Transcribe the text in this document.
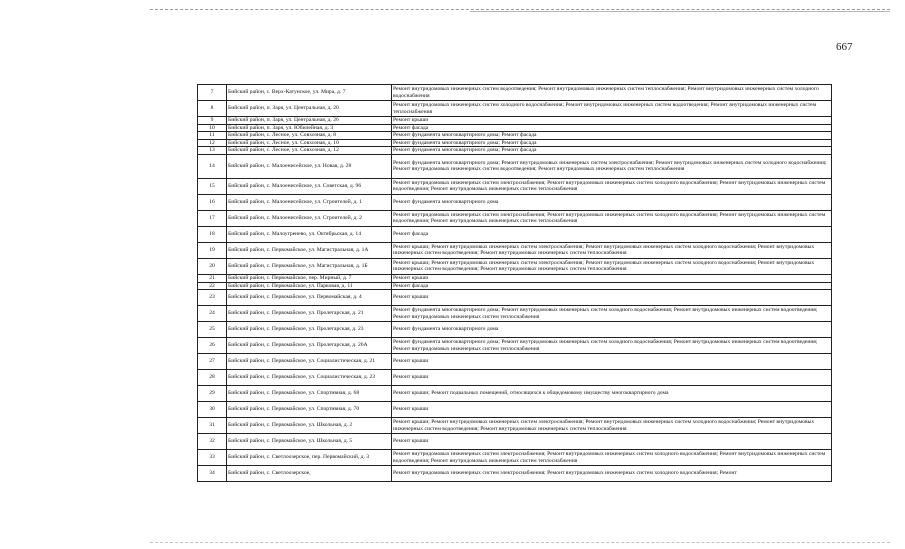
667
7	Бийский район, с. Верх-Катунское, ул. Мира, д. 7	Ремонт внутридомовых инженерных систем водоотведения; Ремонт внутридомовых инженерных систем теплоснабжения; Ремонт внутридомовых инженерных систем холодного водоснабжения
8	Бийский район, п. Заря, ул. Центральная, д. 20	Ремонт внутридомовых инженерных систем холодного водоснабжения; Ремонт внутридомовых инженерных систем водоотведения; Ремонт внутридомовых инженерных систем теплоснабжения
9	Бийский район, п. Заря, ул. Центральная, д. 26	Ремонт крыши
10	Бийский район, п. Заря, ул. Юбилейная, д. 3	Ремонт фасада
11	Бийский район, с. Лесное, ул. Совхозная, д. 8	Ремонт фундамента многоквартирного дома; Ремонт фасада
12	Бийский район, с. Лесное, ул. Совхозная, д. 10	Ремонт фундамента многоквартирного дома; Ремонт фасада
13	Бийский район, с. Лесное, ул. Совхозная, д. 12	Ремонт фундамента многоквартирного дома; Ремонт фасада
14	Бийский район, с. Малоенисейское, ул. Новая, д. 28	Ремонт фундамента многоквартирного дома; Ремонт внутридомовых инженерных систем электроснабжения; Ремонт внутридомовых инженерных систем холодного водоснабжения; Ремонт внутридомовых инженерных систем водоотведения; Ремонт внутридомовых инженерных систем теплоснабжения
15	Бийский район, с. Малоенисейское, ул. Советская, д. 96	Ремонт внутридомовых инженерных систем электроснабжения; Ремонт внутридомовых инженерных систем холодного водоснабжения; Ремонт внутридомовых инженерных систем водоотведения; Ремонт внутридомовых инженерных систем теплоснабжения
16	Бийский район, с. Малоенисейское, ул. Строителей, д. 1	Ремонт фундамента многоквартирного дома
17	Бийский район, с. Малоенисейское, ул. Строителей, д. 2	Ремонт внутридомовых инженерных систем электроснабжения; Ремонт внутридомовых инженерных систем холодного водоснабжения; Ремонт внутридомовых инженерных систем водоотведения; Ремонт внутридомовых инженерных систем теплоснабжения
18	Бийский район, с. Малоугренево, ул. Октябрьская, д. 14	Ремонт фасада
19	Бийский район, с. Первомайское, ул. Магистральная, д. 1А	Ремонт крыши; Ремонт внутридомовых инженерных систем электроснабжения; Ремонт внутридомовых инженерных систем холодного водоснабжения; Ремонт внутридомовых инженерных систем водоотведения; Ремонт внутридомовых инженерных систем теплоснабжения
20	Бийский район, с. Первомайское, ул. Магистральная, д. 1Б	Ремонт крыши; Ремонт внутридомовых инженерных систем электроснабжения; Ремонт внутридомовых инженерных систем холодного водоснабжения; Ремонт внутридомовых инженерных систем водоотведения; Ремонт внутридомовых инженерных систем теплоснабжения
21	Бийский район, с. Первомайское, пер. Мирный, д. 7	Ремонт крыши
22	Бийский район, с. Первомайское, ул. Парковая, д. 11	Ремонт фасада
23	Бийский район, с. Первомайское, ул. Первомайская, д. 4	Ремонт крыши
24	Бийский район, с. Первомайское, ул. Пролетарская, д. 21	Ремонт фундамента многоквартирного дома; Ремонт внутридомовых инженерных систем холодного водоснабжения; Ремонт внутридомовых инженерных систем водоотведения; Ремонт внутридомовых инженерных систем теплоснабжения
25	Бийский район, с. Первомайское, ул. Пролетарская, д. 23	Ремонт фундамента многоквартирного дома
26	Бийский район, с. Первомайское, ул. Пролетарская, д. 26А	Ремонт фундамента многоквартирного дома; Ремонт внутридомовых инженерных систем холодного водоснабжения; Ремонт внутридомовых инженерных систем водоотведения; Ремонт внутридомовых инженерных систем теплоснабжения
27	Бийский район, с. Первомайское, ул. Социалистическая, д. 21	Ремонт крыши
28	Бийский район, с. Первомайское, ул. Социалистическая, д. 23	Ремонт крыши
29	Бийский район, с. Первомайское, ул. Спортивная, д. 68	Ремонт крыши; Ремонт подвальных помещений, относящихся к общедомовому имуществу многоквартирного дома
30	Бийский район, с. Первомайское, ул. Спортивная, д. 70	Ремонт крыши
31	Бийский район, с. Первомайское, ул. Школьная, д. 2	Ремонт крыши; Ремонт внутридомовых инженерных систем электроснабжения; Ремонт внутридомовых инженерных систем холодного водоснабжения; Ремонт внутридомовых инженерных систем водоотведения; Ремонт внутридомовых инженерных систем теплоснабжения
32	Бийский район, с. Первомайское, ул. Школьная, д. 5	Ремонт крыши
33	Бийский район, с. Светлоозерское, пер. Первомайский, д. 3	Ремонт внутридомовых инженерных систем электроснабжения; Ремонт внутридомовых инженерных систем холодного водоснабжения; Ремонт внутридомовых инженерных систем водоотведения; Ремонт внутридомовых инженерных систем теплоснабжения
34	Бийский район, с. Светлоозерское,	Ремонт внутридомовых инженерных систем электроснабжения; Ремонт внутридомовых инженерных систем холодного водоснабжения; Ремонт
